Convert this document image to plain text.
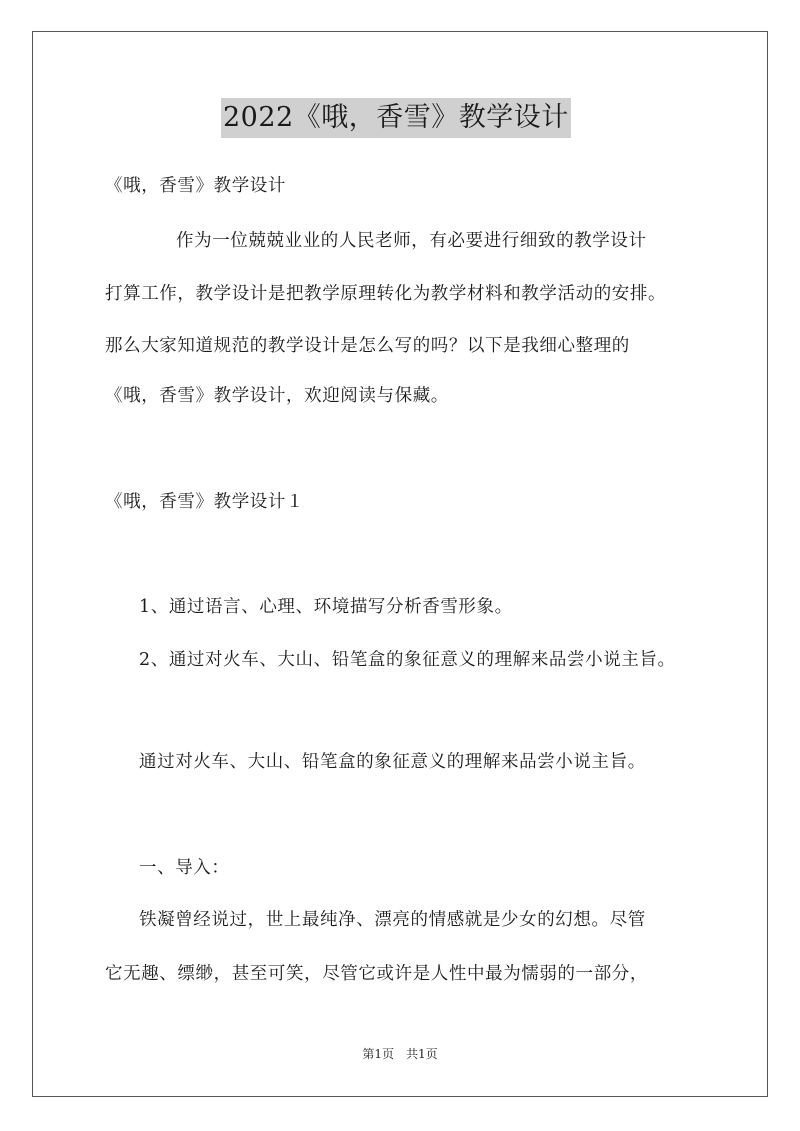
2022《哦，香雪》教学设计
《哦，香雪》教学设计
作为一位兢兢业业的人民老师，有必要进行细致的教学设计
打算工作，教学设计是把教学原理转化为教学材料和教学活动的安排。
那么大家知道规范的教学设计是怎么写的吗？以下是我细心整理的
《哦，香雪》教学设计，欢迎阅读与保藏。
《哦，香雪》教学设计１
1、通过语言、心理、环境描写分析香雪形象。
2、通过对火车、大山、铅笔盒的象征意义的理解来品尝小说主旨。
通过对火车、大山、铅笔盒的象征意义的理解来品尝小说主旨。
一、导入：
铁凝曾经说过，世上最纯净、漂亮的情感就是少女的幻想。尽管
它无趣、缥缈，甚至可笑，尽管它或许是人性中最为懦弱的一部分，
第1页　共1页
